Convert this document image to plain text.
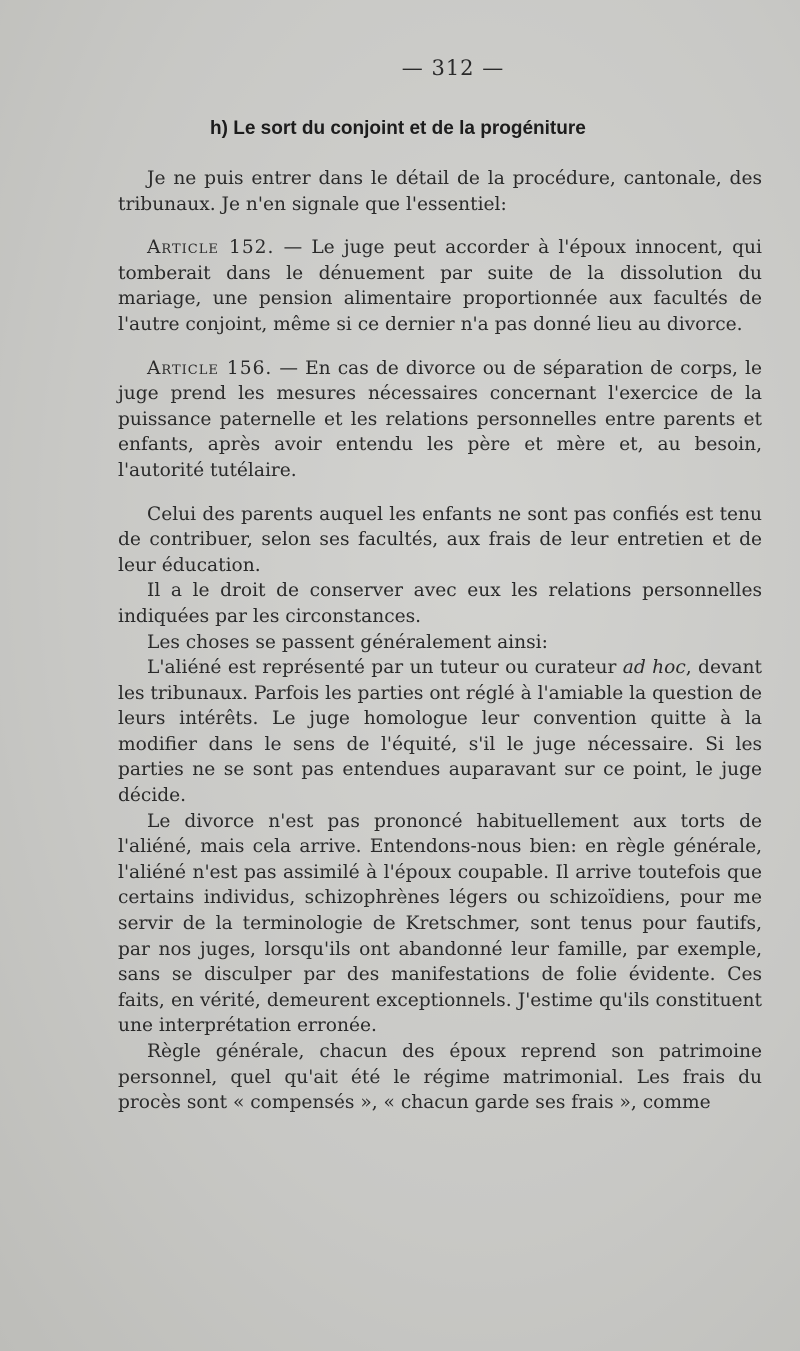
— 312 —
h) Le sort du conjoint et de la progéniture

Je ne puis entrer dans le détail de la procédure, cantonale, des tribunaux. Je n'en signale que l'essentiel:

Article 152. — Le juge peut accorder à l'époux innocent, qui tomberait dans le dénuement par suite de la dissolution du mariage, une pension alimentaire proportionnée aux facultés de l'autre conjoint, même si ce dernier n'a pas donné lieu au divorce.

Article 156. — En cas de divorce ou de séparation de corps, le juge prend les mesures nécessaires concernant l'exercice de la puissance paternelle et les relations personnelles entre parents et enfants, après avoir entendu les père et mère et, au besoin, l'autorité tutélaire.

Celui des parents auquel les enfants ne sont pas confiés est tenu de contribuer, selon ses facultés, aux frais de leur entretien et de leur éducation.

Il a le droit de conserver avec eux les relations personnelles indiquées par les circonstances.

Les choses se passent généralement ainsi:

L'aliéné est représenté par un tuteur ou curateur ad hoc, devant les tribunaux. Parfois les parties ont réglé à l'amiable la question de leurs intérêts. Le juge homologue leur convention quitte à la modifier dans le sens de l'équité, s'il le juge nécessaire. Si les parties ne se sont pas entendues auparavant sur ce point, le juge décide.

Le divorce n'est pas prononcé habituellement aux torts de l'aliéné, mais cela arrive. Entendons-nous bien: en règle générale, l'aliéné n'est pas assimilé à l'époux coupable. Il arrive toutefois que certains individus, schizophrènes légers ou schizoïdiens, pour me servir de la terminologie de Kretschmer, sont tenus pour fautifs, par nos juges, lorsqu'ils ont abandonné leur famille, par exemple, sans se disculper par des manifestations de folie évidente. Ces faits, en vérité, demeurent exceptionnels. J'estime qu'ils constituent une interprétation erronée.

Règle générale, chacun des époux reprend son patrimoine personnel, quel qu'ait été le régime matrimonial. Les frais du procès sont « compensés », « chacun garde ses frais », comme
